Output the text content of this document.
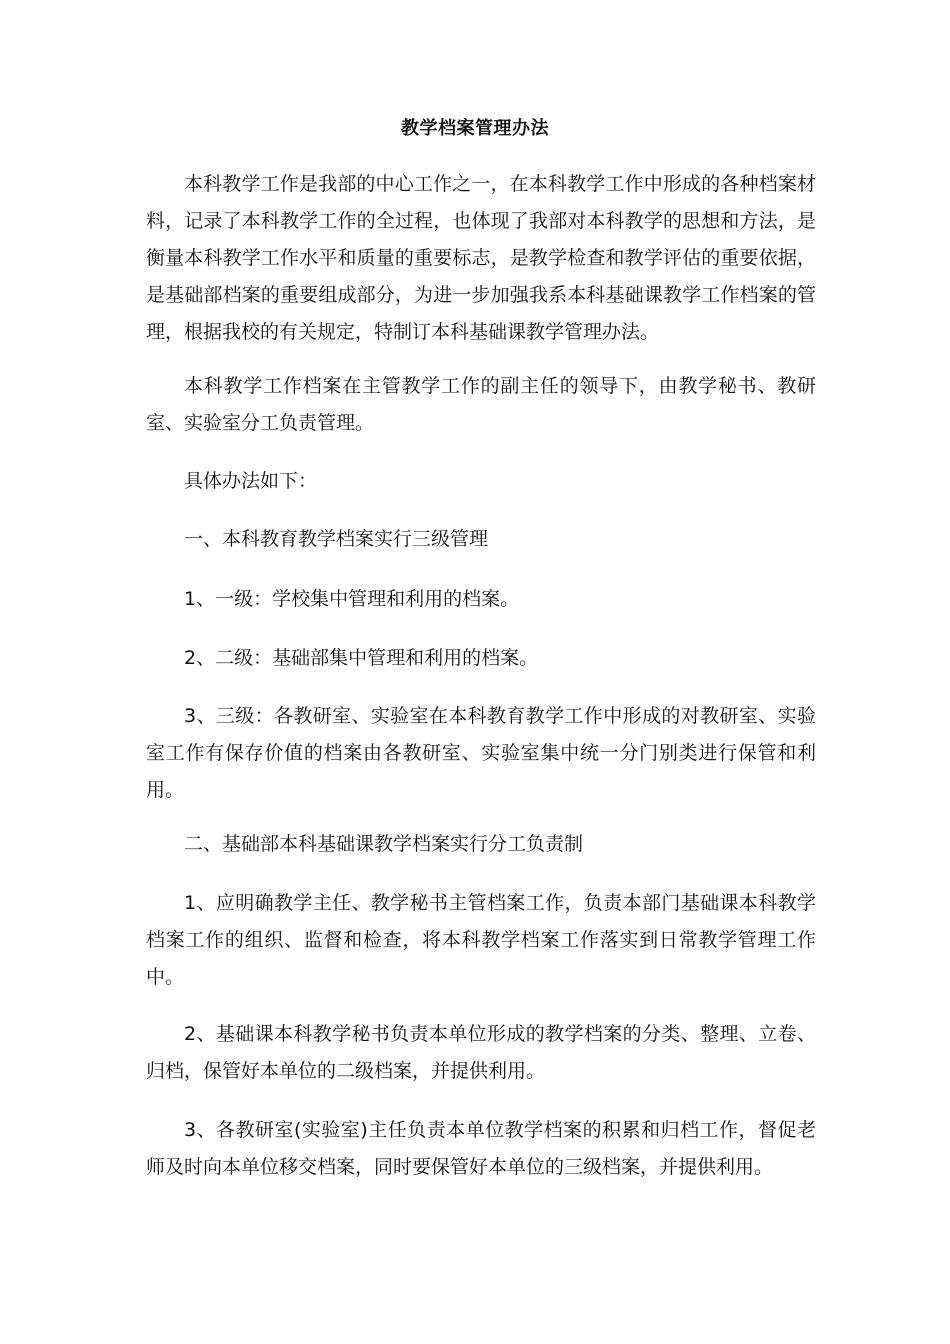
教学档案管理办法
本科教学工作是我部的中心工作之一，在本科教学工作中形成的各种档案材料，记录了本科教学工作的全过程，也体现了我部对本科教学的思想和方法，是衡量本科教学工作水平和质量的重要标志，是教学检查和教学评估的重要依据，是基础部档案的重要组成部分，为进一步加强我系本科基础课教学工作档案的管理，根据我校的有关规定，特制订本科基础课教学管理办法。
本科教学工作档案在主管教学工作的副主任的领导下，由教学秘书、教研室、实验室分工负责管理。
具体办法如下：
一、本科教育教学档案实行三级管理
1、一级：学校集中管理和利用的档案。
2、二级：基础部集中管理和利用的档案。
3、三级：各教研室、实验室在本科教育教学工作中形成的对教研室、实验室工作有保存价值的档案由各教研室、实验室集中统一分门别类进行保管和利用。
二、基础部本科基础课教学档案实行分工负责制
1、应明确教学主任、教学秘书主管档案工作，负责本部门基础课本科教学档案工作的组织、监督和检查，将本科教学档案工作落实到日常教学管理工作中。
2、基础课本科教学秘书负责本单位形成的教学档案的分类、整理、立卷、归档，保管好本单位的二级档案，并提供利用。
3、各教研室(实验室)主任负责本单位教学档案的积累和归档工作，督促老师及时向本单位移交档案，同时要保管好本单位的三级档案，并提供利用。
